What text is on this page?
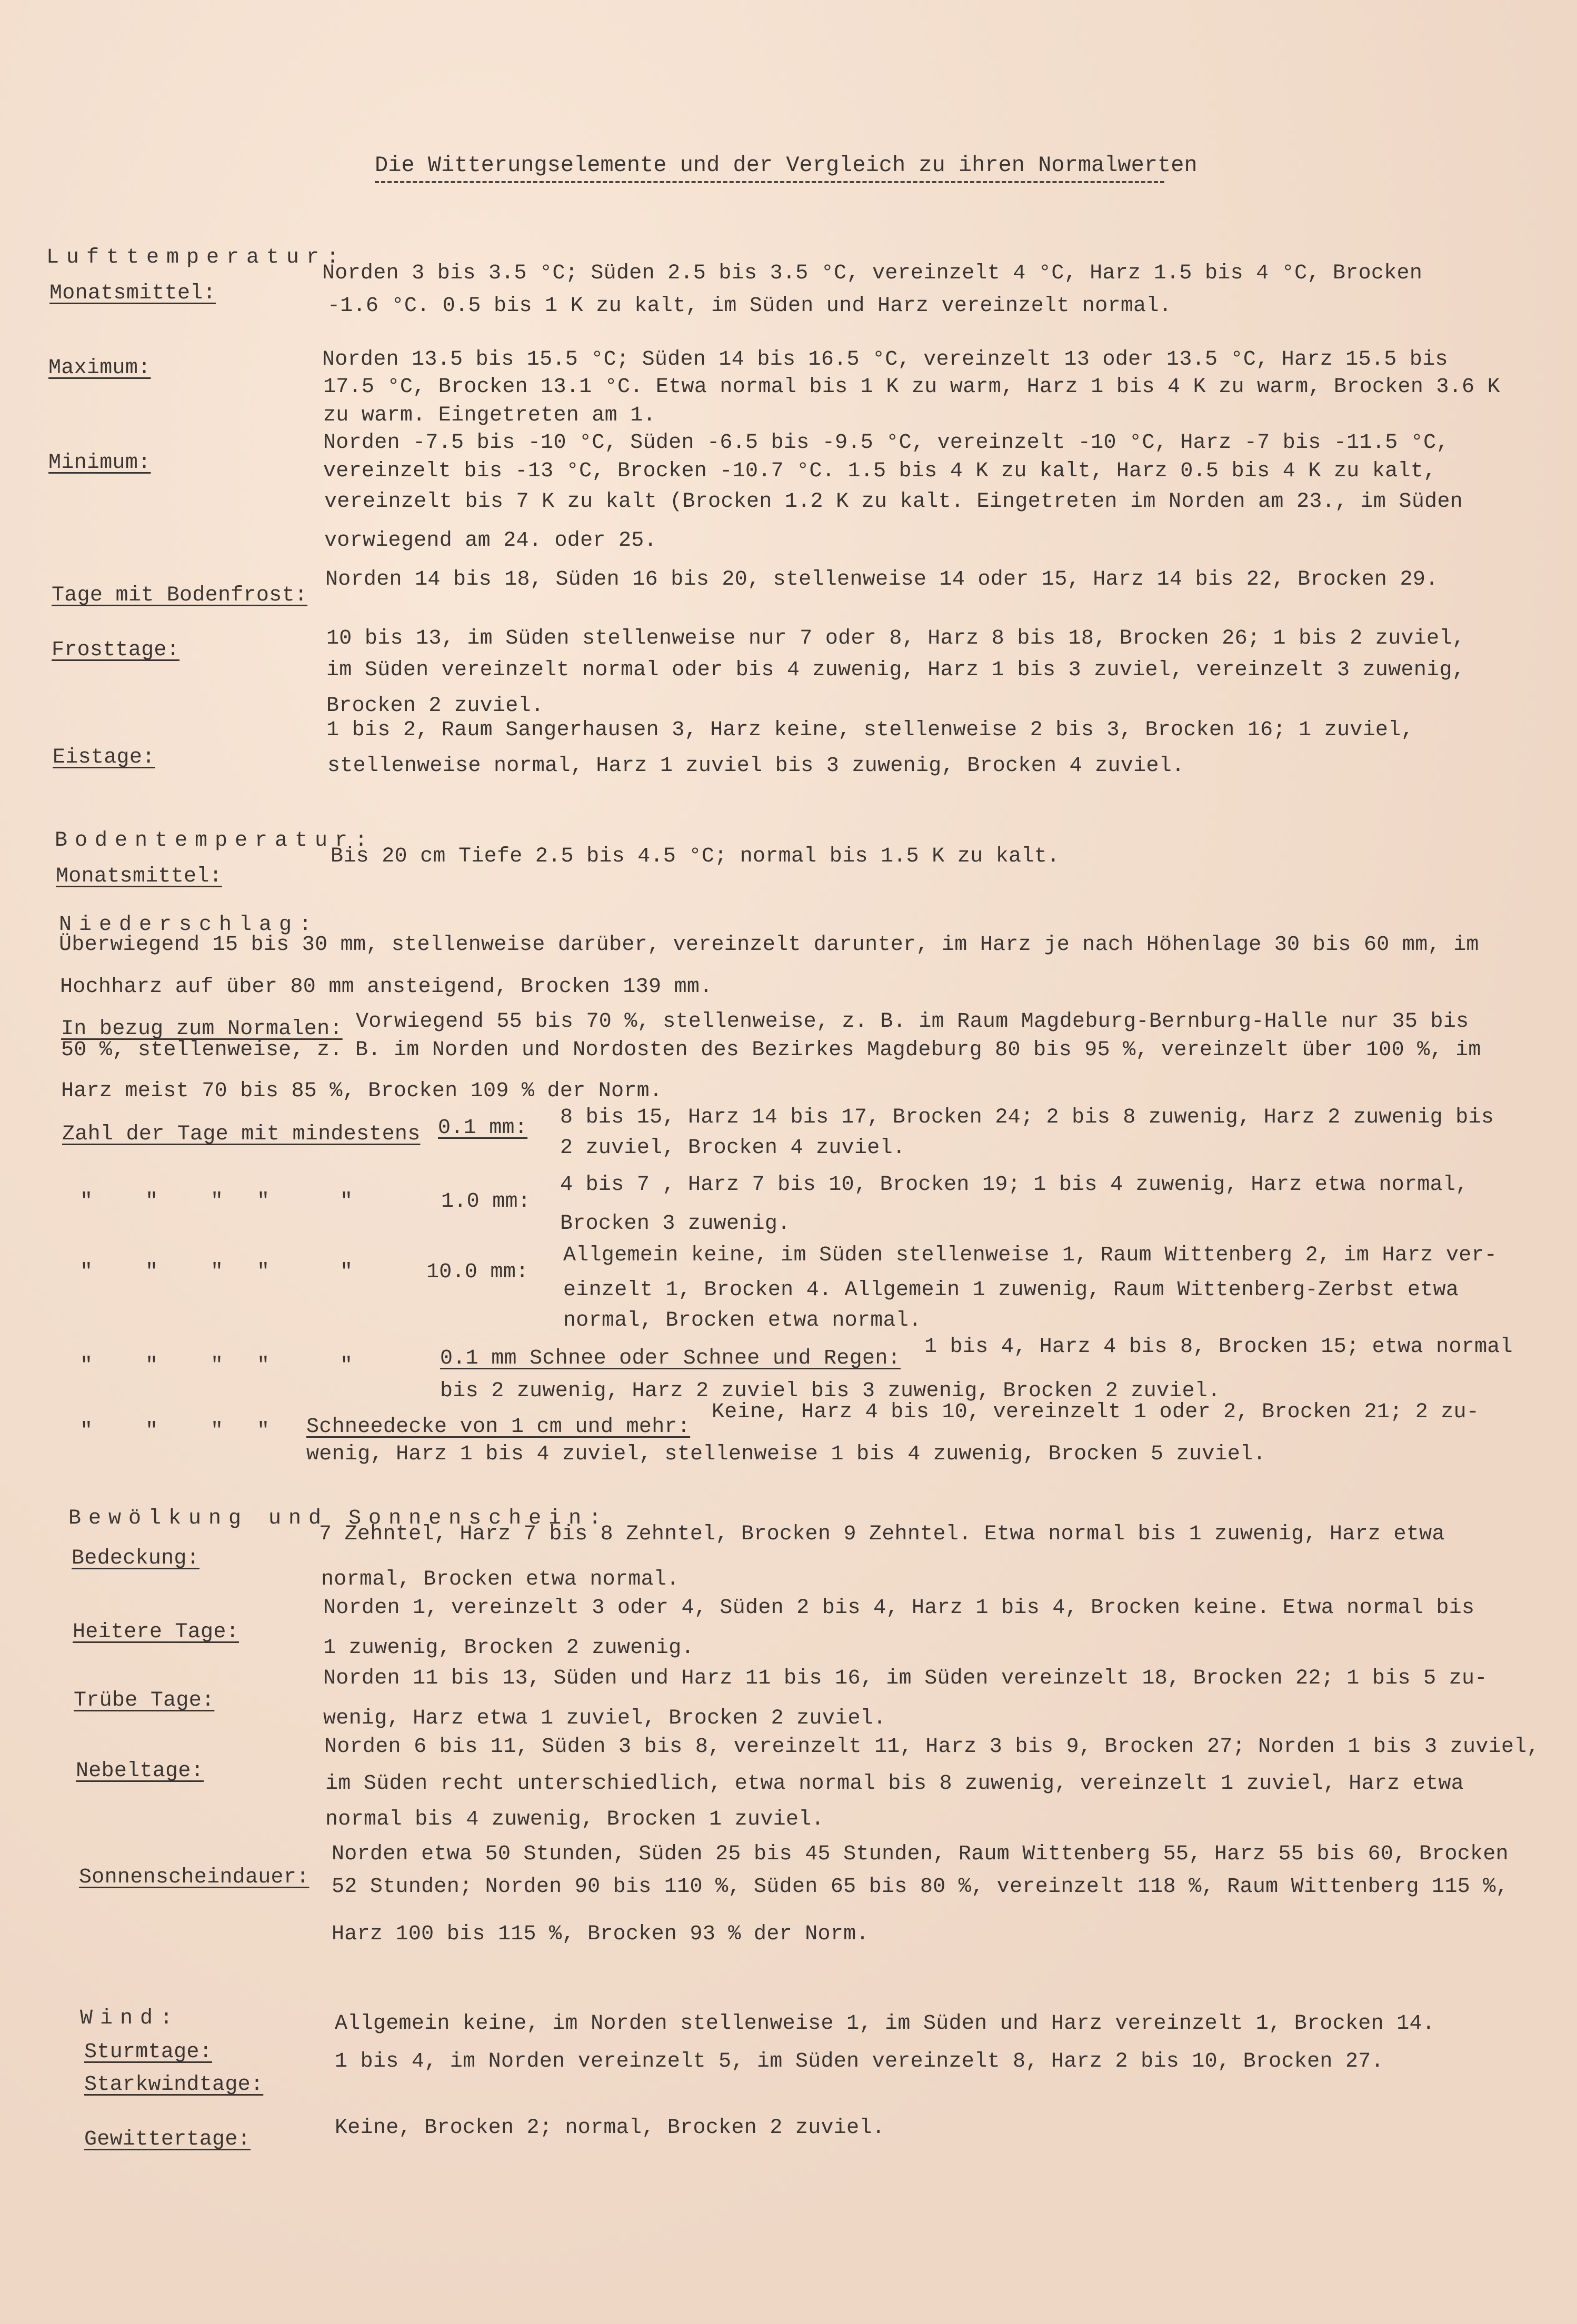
Die Witterungselemente und der Vergleich zu ihren Normalwerten
Lufttemperatur:
Monatsmittel:
Norden 3 bis 3.5 °C; Süden 2.5 bis 3.5 °C, vereinzelt 4 °C, Harz 1.5 bis 4 °C, Brocken
-1.6 °C. 0.5 bis 1 K zu kalt, im Süden und Harz vereinzelt normal.
Maximum:	Norden 13.5 bis 15.5 °C; Süden 14 bis 16.5 °C, vereinzelt 13 oder 13.5 °C, Harz 15.5 bis
17.5 °C, Brocken 13.1 °C. Etwa normal bis 1 K zu warm, Harz 1 bis 4 K zu warm, Brocken 3.6 K
zu warm. Eingetreten am 1.
Minimum:
Norden -7.5 bis -10 °C, Süden -6.5 bis -9.5 °C, vereinzelt -10 °C, Harz -7 bis -11.5 °C,
vereinzelt bis -13 °C, Brocken -10.7 °C. 1.5 bis 4 K zu kalt, Harz 0.5 bis 4 K zu kalt,
vereinzelt bis 7 K zu kalt (Brocken 1.2 K zu kalt. Eingetreten im Norden am 23., im Süden
vorwiegend am 24. oder 25.
Tage mit Bodenfrost:
Norden 14 bis 18, Süden 16 bis 20, stellenweise 14 oder 15, Harz 14 bis 22, Brocken 29.
Frosttage:	10 bis 13, im Süden stellenweise nur 7 oder 8, Harz 8 bis 18, Brocken 26; 1 bis 2 zuviel,
im Süden vereinzelt normal oder bis 4 zuwenig, Harz 1 bis 3 zuviel, vereinzelt 3 zuwenig,
Brocken 2 zuviel.
Eistage:
1 bis 2, Raum Sangerhausen 3, Harz keine, stellenweise 2 bis 3, Brocken 16; 1 zuviel,
stellenweise normal, Harz 1 zuviel bis 3 zuwenig, Brocken 4 zuviel.
Bodentemperatur:
Monatsmittel:
Bis 20 cm Tiefe 2.5 bis 4.5 °C; normal bis 1.5 K zu kalt.
Niederschlag:
Überwiegend 15 bis 30 mm, stellenweise darüber, vereinzelt darunter, im Harz je nach Höhenlage 30 bis 60 mm, im
Hochharz auf über 80 mm ansteigend, Brocken 139 mm.
In bezug zum Normalen: Vorwiegend 55 bis 70 %, stellenweise, z. B. im Raum Magdeburg-Bernburg-Halle nur 35 bis
50 %, stellenweise, z. B. im Norden und Nordosten des Bezirkes Magdeburg 80 bis 95 %, vereinzelt über 100 %, im
Harz meist 70 bis 85 %, Brocken 109 % der Norm.
Zahl der Tage mit mindestens 0.1 mm: 8 bis 15, Harz 14 bis 17, Brocken 24; 2 bis 8 zuwenig, Harz 2 zuwenig bis
2 zuviel, Brocken 4 zuviel.
" " " "	"	1.0 mm:
4 bis 7 , Harz 7 bis 10, Brocken 19; 1 bis 4 zuwenig, Harz etwa normal,
Brocken 3 zuwenig.
" " " "	"	10.0 mm:
Allgemein keine, im Süden stellenweise 1, Raum Wittenberg 2, im Harz ver-
einzelt 1, Brocken 4. Allgemein 1 zuwenig, Raum Wittenberg-Zerbst etwa
normal, Brocken etwa normal.
" " " "	"	0.1 mm Schnee oder Schnee und Regen: 1 bis 4, Harz 4 bis 8, Brocken 15; etwa normal
bis 2 zuwenig, Harz 2 zuviel bis 3 zuwenig, Brocken 2 zuviel.
" " " " Schneedecke von 1 cm und mehr:
Keine, Harz 4 bis 10, vereinzelt 1 oder 2, Brocken 21; 2 zu-
wenig, Harz 1 bis 4 zuviel, stellenweise 1 bis 4 zuwenig, Brocken 5 zuviel.
Bewölkung und Sonnenschein:
Bedeckung:
7 Zehntel, Harz 7 bis 8 Zehntel, Brocken 9 Zehntel. Etwa normal bis 1 zuwenig, Harz etwa
normal, Brocken etwa normal.
Heitere Tage:
Norden 1, vereinzelt 3 oder 4, Süden 2 bis 4, Harz 1 bis 4, Brocken keine. Etwa normal bis
1 zuwenig, Brocken 2 zuwenig.
Trübe Tage:
Norden 11 bis 13, Süden und Harz 11 bis 16, im Süden vereinzelt 18, Brocken 22; 1 bis 5 zu-
wenig, Harz etwa 1 zuviel, Brocken 2 zuviel.
Nebeltage:
Norden 6 bis 11, Süden 3 bis 8, vereinzelt 11, Harz 3 bis 9, Brocken 27; Norden 1 bis 3 zuviel,
im Süden recht unterschiedlich, etwa normal bis 8 zuwenig, vereinzelt 1 zuviel, Harz etwa
normal bis 4 zuwenig, Brocken 1 zuviel.
Sonnenscheindauer:
Norden etwa 50 Stunden, Süden 25 bis 45 Stunden, Raum Wittenberg 55, Harz 55 bis 60, Brocken
52 Stunden; Norden 90 bis 110 %, Süden 65 bis 80 %, vereinzelt 118 %, Raum Wittenberg 115 %,
Harz 100 bis 115 %, Brocken 93 % der Norm.
Wind:
Sturmtage:
Allgemein keine, im Norden stellenweise 1, im Süden und Harz vereinzelt 1, Brocken 14.
Starkwindtage:
1 bis 4, im Norden vereinzelt 5, im Süden vereinzelt 8, Harz 2 bis 10, Brocken 27.
Gewittertage:	Keine, Brocken 2; normal, Brocken 2 zuviel.
